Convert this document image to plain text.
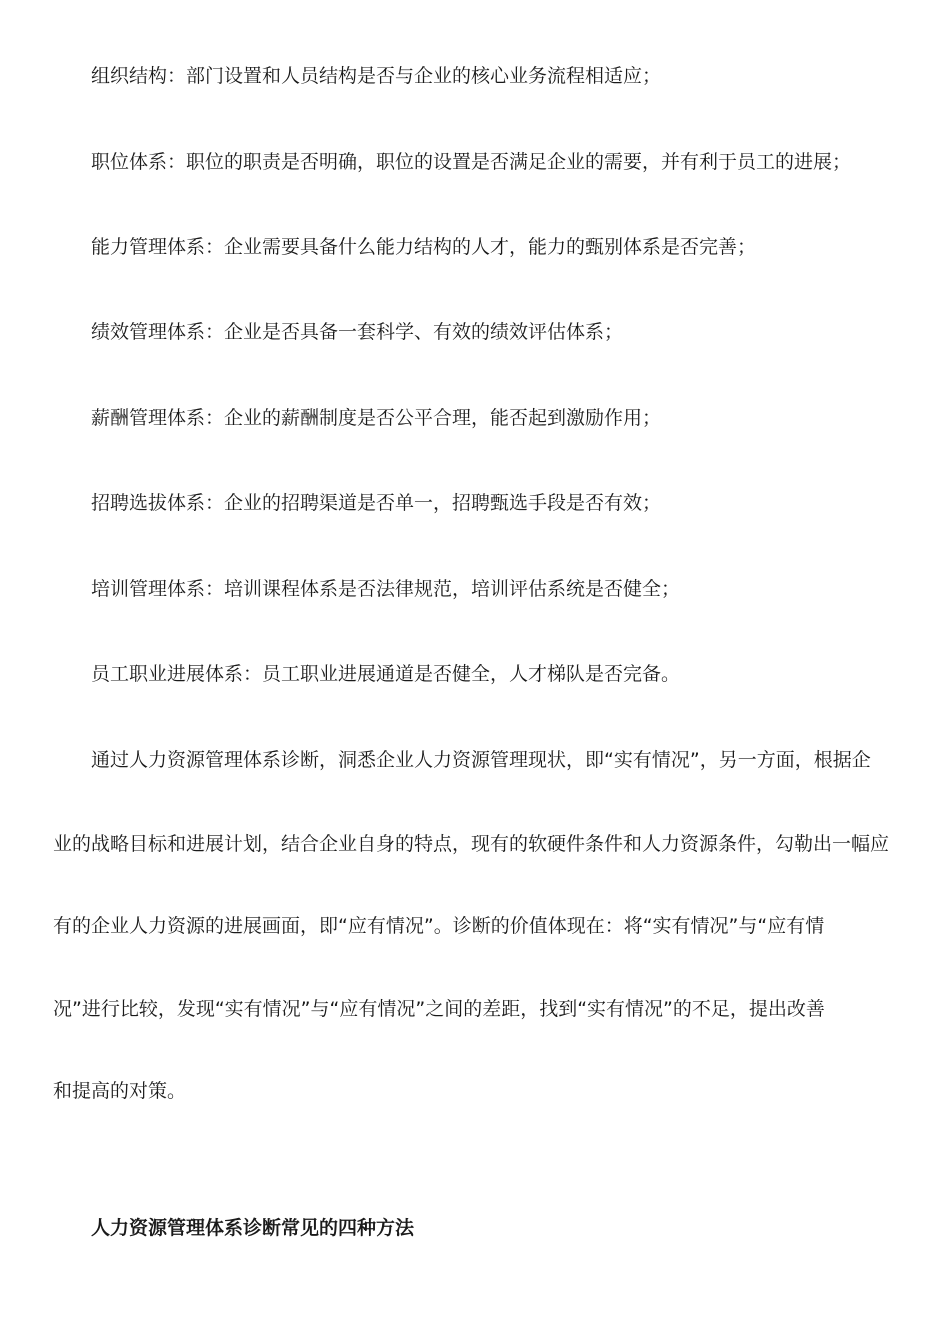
组织结构：部门设置和人员结构是否与企业的核心业务流程相适应；
职位体系：职位的职责是否明确，职位的设置是否满足企业的需要，并有利于员工的进展；
能力管理体系：企业需要具备什么能力结构的人才，能力的甄别体系是否完善；
绩效管理体系：企业是否具备一套科学、有效的绩效评估体系；
薪酬管理体系：企业的薪酬制度是否公平合理，能否起到激励作用；
招聘选拔体系：企业的招聘渠道是否单一，招聘甄选手段是否有效；
培训管理体系：培训课程体系是否法律规范，培训评估系统是否健全；
员工职业进展体系：员工职业进展通道是否健全，人才梯队是否完备。
通过人力资源管理体系诊断，洞悉企业人力资源管理现状，即“实有情况”，另一方面，根据企
业的战略目标和进展计划，结合企业自身的特点，现有的软硬件条件和人力资源条件，勾勒出一幅应
有的企业人力资源的进展画面，即“应有情况”。诊断的价值体现在：将“实有情况”与“应有情
况”进行比较，发现“实有情况”与“应有情况”之间的差距，找到“实有情况”的不足，提出改善
和提高的对策。
人力资源管理体系诊断常见的四种方法
